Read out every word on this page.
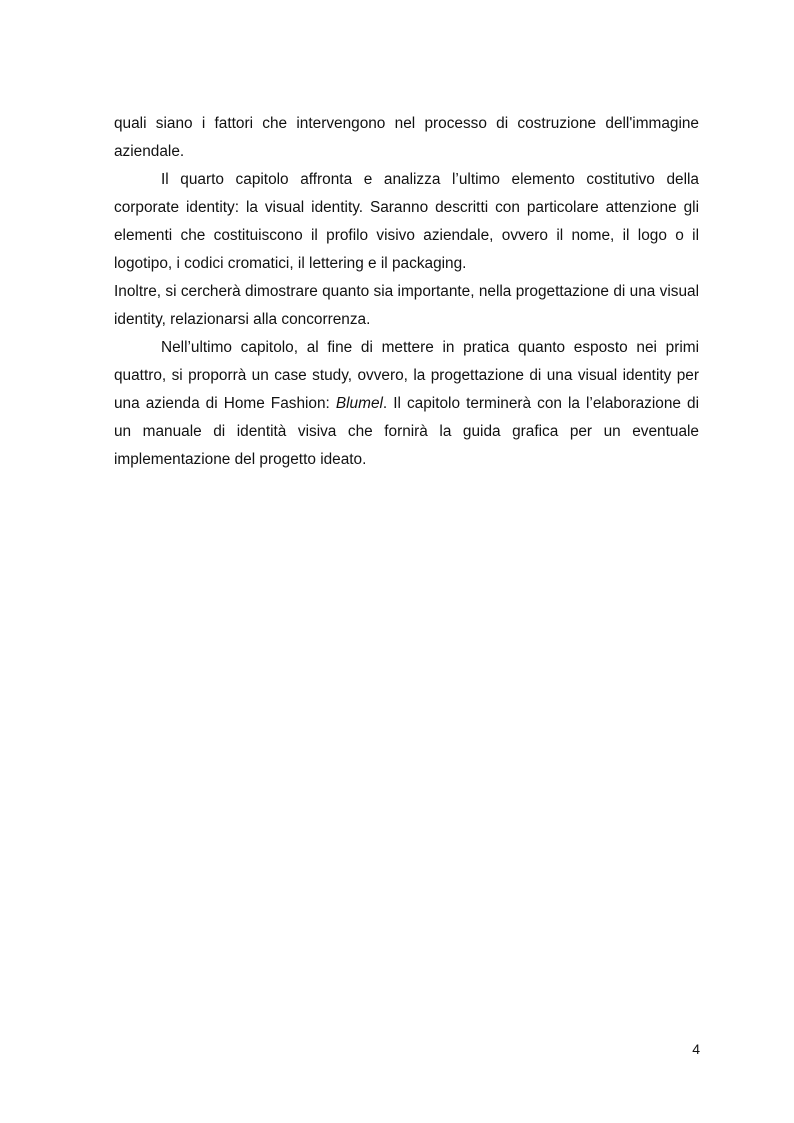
quali siano i fattori che intervengono nel processo di costruzione dell'immagine aziendale.

Il quarto capitolo affronta e analizza l’ultimo elemento costitutivo della corporate identity: la visual identity. Saranno descritti con particolare attenzione gli elementi che costituiscono il profilo visivo aziendale, ovvero il nome, il logo o il logotipo, i codici cromatici, il lettering e il packaging.

Inoltre, si cercherà dimostrare quanto sia importante, nella progettazione di una visual identity, relazionarsi alla concorrenza.

Nell’ultimo capitolo, al fine di mettere in pratica quanto esposto nei primi quattro, si proporrà un case study, ovvero, la progettazione di una visual identity per una azienda di Home Fashion: Blumel. Il capitolo terminerà con la l’elaborazione di un manuale di identità visiva che fornirà la guida grafica per un eventuale implementazione del progetto ideato.

4
